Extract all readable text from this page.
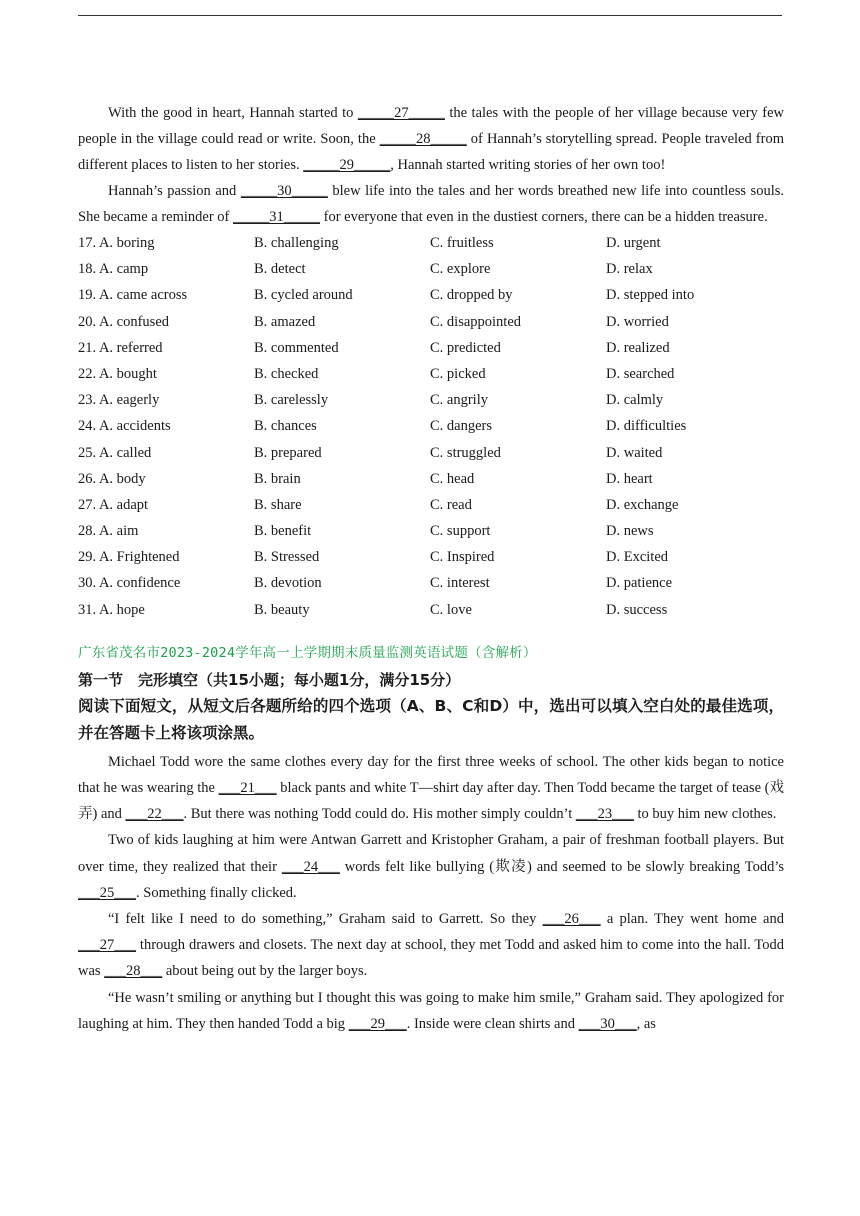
With the good in heart, Hannah started to _____27_____ the tales with the people of her village because very few people in the village could read or write. Soon, the _____28_____ of Hannah’s storytelling spread. People traveled from different places to listen to her stories. _____29_____, Hannah started writing stories of her own too!

Hannah’s passion and _____30_____ blew life into the tales and her words breathed new life into countless souls. She became a reminder of _____31_____ for everyone that even in the dustiest corners, there can be a hidden treasure.

17. A. boring	B. challenging	C. fruitless	D. urgent
18. A. camp	B. detect	C. explore	D. relax
19. A. came across	B. cycled around	C. dropped by	D. stepped into
20. A. confused	B. amazed	C. disappointed	D. worried
21. A. referred	B. commented	C. predicted	D. realized
22. A. bought	B. checked	C. picked	D. searched
23. A. eagerly	B. carelessly	C. angrily	D. calmly
24. A. accidents	B. chances	C. dangers	D. difficulties
25. A. called	B. prepared	C. struggled	D. waited
26. A. body	B. brain	C. head	D. heart
27. A. adapt	B. share	C. read	D. exchange
28. A. aim	B. benefit	C. support	D. news
29. A. Frightened	B. Stressed	C. Inspired	D. Excited
30. A. confidence	B. devotion	C. interest	D. patience
31. A. hope	B. beauty	C. love	D. success

广东省茂名市2023-2024学年高一上学期期末质量监测英语试题（含解析）

第一节　完形填空（共15小题；每小题1分，满分15分）

阅读下面短文，从短文后各题所给的四个选项（A、B、C和D）中，选出可以填入空白处的最佳选项，并在答题卡上将该项涂黑。

Michael Todd wore the same clothes every day for the first three weeks of school. The other kids began to notice that he was wearing the ___21___ black pants and white T—shirt day after day. Then Todd became the target of tease (戏弄) and ___22___. But there was nothing Todd could do. His mother simply couldn’t ___23___ to buy him new clothes.

Two of kids laughing at him were Antwan Garrett and Kristopher Graham, a pair of freshman football players. But over time, they realized that their ___24___ words felt like bullying (欺凌) and seemed to be slowly breaking Todd’s ___25___. Something finally clicked.

“I felt like I need to do something,” Graham said to Garrett. So they ___26___ a plan. They went home and ___27___ through drawers and closets. The next day at school, they met Todd and asked him to come into the hall. Todd was ___28___ about being out by the larger boys.

“He wasn’t smiling or anything but I thought this was going to make him smile,” Graham said. They apologized for laughing at him. They then handed Todd a big ___29___. Inside were clean shirts and ___30___, as
